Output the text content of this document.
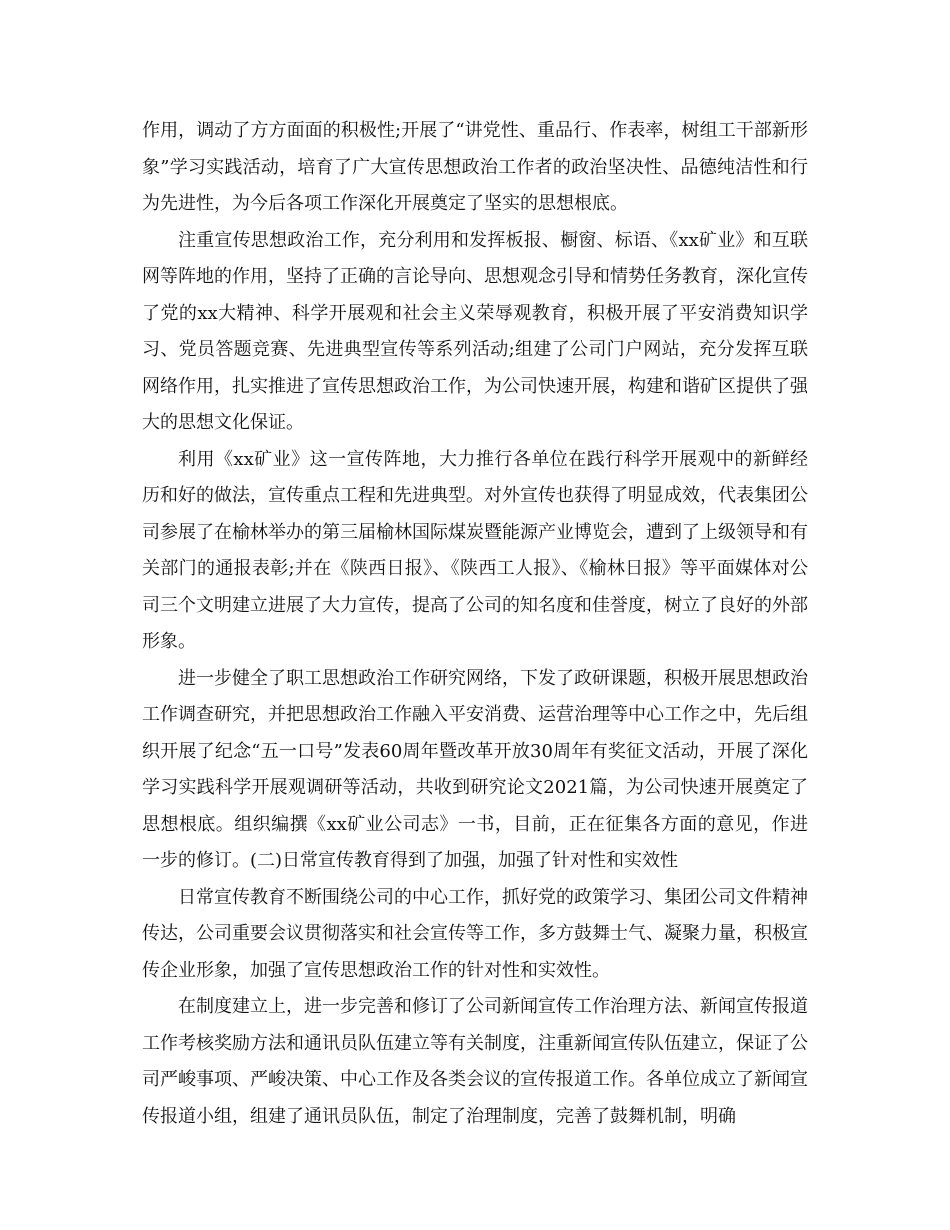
作用，调动了方方面面的积极性;开展了“讲党性、重品行、作表率，树组工干部新形象”学习实践活动，培育了广大宣传思想政治工作者的政治坚决性、品德纯洁性和行为先进性，为今后各项工作深化开展奠定了坚实的思想根底。

注重宣传思想政治工作，充分利用和发挥板报、橱窗、标语、《xx矿业》和互联网等阵地的作用，坚持了正确的言论导向、思想观念引导和情势任务教育，深化宣传了党的xx大精神、科学开展观和社会主义荣辱观教育，积极开展了平安消费知识学习、党员答题竞赛、先进典型宣传等系列活动;组建了公司门户网站，充分发挥互联网络作用，扎实推进了宣传思想政治工作，为公司快速开展，构建和谐矿区提供了强大的思想文化保证。

利用《xx矿业》这一宣传阵地，大力推行各单位在践行科学开展观中的新鲜经历和好的做法，宣传重点工程和先进典型。对外宣传也获得了明显成效，代表集团公司参展了在榆林举办的第三届榆林国际煤炭暨能源产业博览会，遭到了上级领导和有关部门的通报表彰;并在《陕西日报》、《陕西工人报》、《榆林日报》等平面媒体对公司三个文明建立进展了大力宣传，提高了公司的知名度和佳誉度，树立了良好的外部形象。

进一步健全了职工思想政治工作研究网络，下发了政研课题，积极开展思想政治工作调查研究，并把思想政治工作融入平安消费、运营治理等中心工作之中，先后组织开展了纪念“五一口号”发表60周年暨改革开放30周年有奖征文活动，开展了深化学习实践科学开展观调研等活动，共收到研究论文2021篇，为公司快速开展奠定了思想根底。组织编撰《xx矿业公司志》一书，目前，正在征集各方面的意见，作进一步的修订。(二)日常宣传教育得到了加强，加强了针对性和实效性

日常宣传教育不断围绕公司的中心工作，抓好党的政策学习、集团公司文件精神传达，公司重要会议贯彻落实和社会宣传等工作，多方鼓舞士气、凝聚力量，积极宣传企业形象，加强了宣传思想政治工作的针对性和实效性。

在制度建立上，进一步完善和修订了公司新闻宣传工作治理方法、新闻宣传报道工作考核奖励方法和通讯员队伍建立等有关制度，注重新闻宣传队伍建立，保证了公司严峻事项、严峻决策、中心工作及各类会议的宣传报道工作。各单位成立了新闻宣传报道小组，组建了通讯员队伍，制定了治理制度，完善了鼓舞机制，明确
